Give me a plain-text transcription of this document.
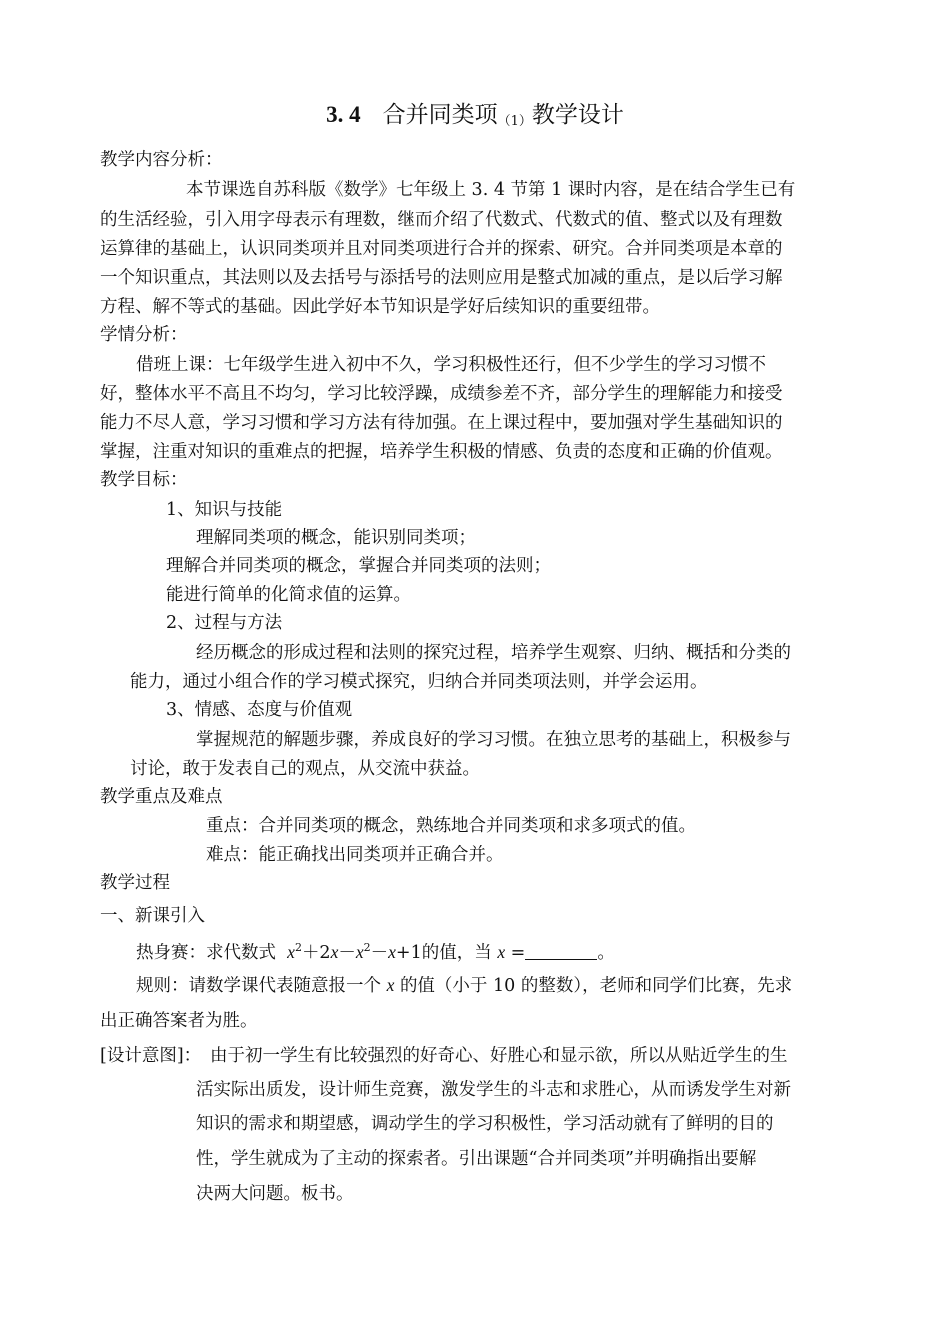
3. 4 合并同类项$_{(1)}$教学设计
教学内容分析：
本节课选自苏科版《数学》七年级上 3. 4 节第 1 课时内容，是在结合学生已有
的生活经验，引入用字母表示有理数，继而介绍了代数式、代数式的值、整式以及有理数
运算律的基础上，认识同类项并且对同类项进行合并的探索、研究。合并同类项是本章的
一个知识重点，其法则以及去括号与添括号的法则应用是整式加减的重点，是以后学习解
方程、解不等式的基础。因此学好本节知识是学好后续知识的重要纽带。
学情分析：
借班上课：七年级学生进入初中不久，学习积极性还行，但不少学生的学习习惯不
好，整体水平不高且不均匀，学习比较浮躁，成绩参差不齐，部分学生的理解能力和接受
能力不尽人意，学习习惯和学习方法有待加强。在上课过程中，要加强对学生基础知识的
掌握，注重对知识的重难点的把握，培养学生积极的情感、负责的态度和正确的价值观。
教学目标：
1、知识与技能
理解同类项的概念，能识别同类项；
理解合并同类项的概念，掌握合并同类项的法则；
能进行简单的化简求值的运算。
2、过程与方法
经历概念的形成过程和法则的探究过程，培养学生观察、归纳、概括和分类的
能力，通过小组合作的学习模式探究，归纳合并同类项法则，并学会运用。
3、情感、态度与价值观
掌握规范的解题步骤，养成良好的学习习惯。在独立思考的基础上，积极参与
讨论，敢于发表自己的观点，从交流中获益。
教学重点及难点
重点：合并同类项的概念，熟练地合并同类项和求多项式的值。
难点：能正确找出同类项并正确合并。
教学过程
一、新课引入
热身赛：求代数式 $x^2+2x-x^2-x+1$的值，当 x =	。
规则：请数学课代表随意报一个 x 的值（小于 10 的整数），老师和同学们比赛，先求
出正确答案者为胜。
[设计意图]： 由于初一学生有比较强烈的好奇心、好胜心和显示欲，所以从贴近学生的生
活实际出质发，设计师生竞赛，激发学生的斗志和求胜心，从而诱发学生对新
知识的需求和期望感，调动学生的学习积极性，学习活动就有了鲜明的目的
性，学生就成为了主动的探索者。引出课题“合并同类项”并明确指出要解
决两大问题。板书。
